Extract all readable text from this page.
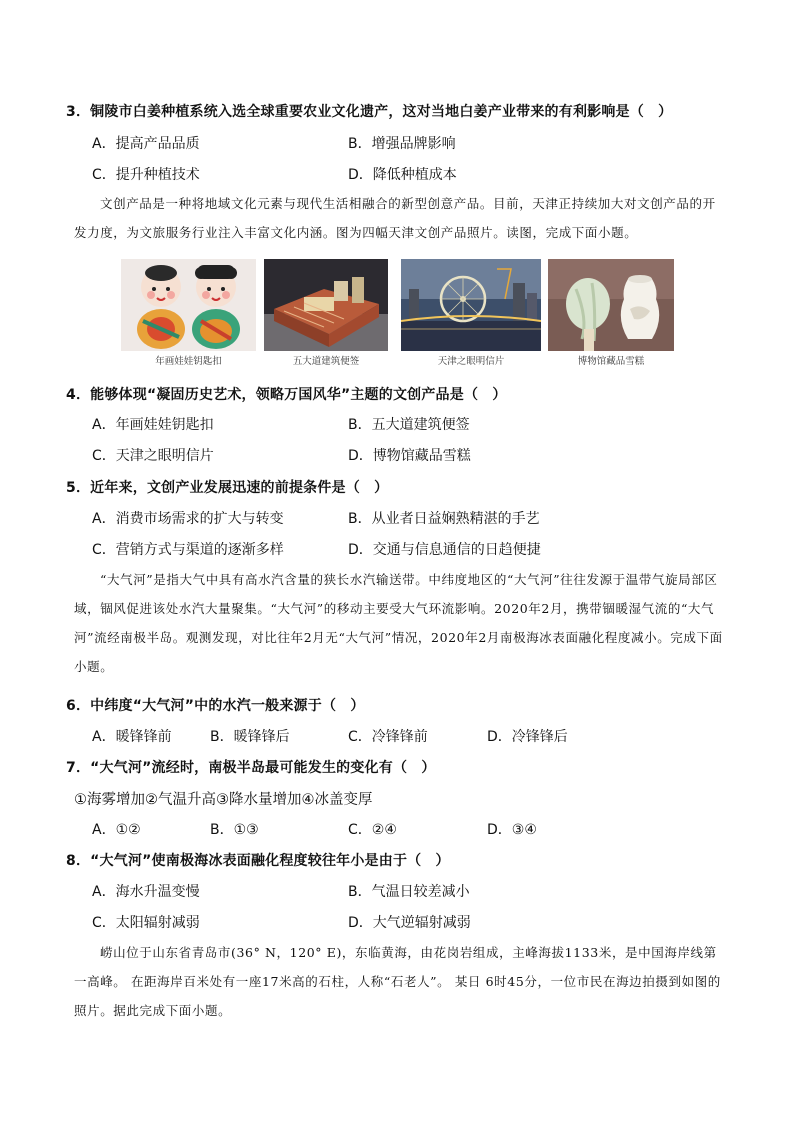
3．铜陵市白姜种植系统入选全球重要农业文化遗产，这对当地白姜产业带来的有利影响是（　）
A．提高产品品质	B．增强品牌影响
C．提升种植技术	D．降低种植成本

文创产品是一种将地域文化元素与现代生活相融合的新型创意产品。目前，天津正持续加大对文创产品的开发力度，为文旅服务行业注入丰富文化内涵。图为四幅天津文创产品照片。读图，完成下面小题。

年画娃娃钥匙扣	五大道建筑便签	天津之眼明信片	博物馆藏品雪糕
4．能够体现“凝固历史艺术，领略万国风华”主题的文创产品是（　）
A．年画娃娃钥匙扣	B．五大道建筑便签
C．天津之眼明信片	D．博物馆藏品雪糕
5．近年来，文创产业发展迅速的前提条件是（　）
A．消费市场需求的扩大与转变	B．从业者日益娴熟精湛的手艺
C．营销方式与渠道的逐渐多样	D．交通与信息通信的日趋便捷

“大气河”是指大气中具有高水汽含量的狭长水汽输送带。中纬度地区的“大气河”往往发源于温带气旋局部区域，锢风促进该处水汽大量聚集。“大气河”的移动主要受大气环流影响。2020年2月，携带锢暖湿气流的“大气河”流经南极半岛。观测发现，对比往年2月无“大气河”情况，2020年2月南极海冰表面融化程度减小。完成下面小题。

6．中纬度“大气河”中的水汽一般来源于（　）
A．暖锋锋前	B．暖锋锋后	C．冷锋锋前	D．冷锋锋后
7．“大气河”流经时，南极半岛最可能发生的变化有（　）
①海雾增加②气温升高③降水量增加④冰盖变厚
A．①②	B．①③	C．②④	D．③④
8．“大气河”使南极海冰表面融化程度较往年小是由于（　）
A．海水升温变慢	B．气温日较差减小
C．太阳辐射减弱	D．大气逆辐射减弱

崂山位于山东省青岛市(36° N，120° E)，东临黄海，由花岗岩组成，主峰海拔1133米，是中国海岸线第一高峰。 在距海岸百米处有一座17米高的石柱，人称“石老人”。 某日 6时45分，一位市民在海边拍摄到如图的照片。据此完成下面小题。
